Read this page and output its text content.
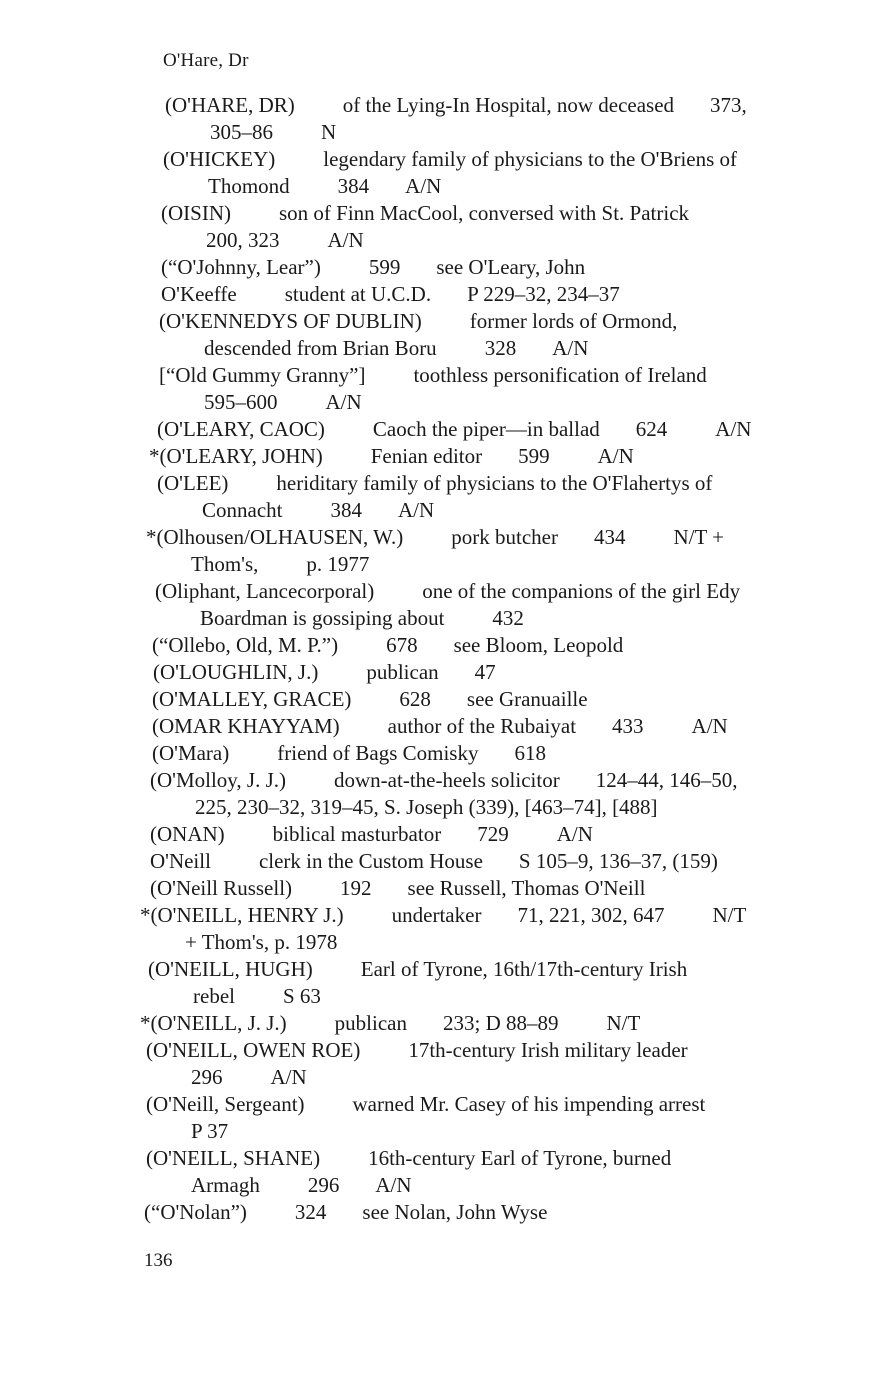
O'Hare, Dr
(O'HARE, DR) of the Lying-In Hospital, now deceased 373,
305–86 N
(O'HICKEY) legendary family of physicians to the O'Briens of
Thomond 384 A/N
(OISIN) son of Finn MacCool, conversed with St. Patrick
200, 323 A/N
(“O'Johnny, Lear”) 599 see O'Leary, John
O'Keeffe student at U.C.D. P 229–32, 234–37
(O'KENNEDYS OF DUBLIN) former lords of Ormond,
descended from Brian Boru 328 A/N
[“Old Gummy Granny”] toothless personification of Ireland
595–600 A/N
(O'LEARY, CAOC) Caoch the piper—in ballad 624 A/N
*(O'LEARY, JOHN) Fenian editor 599 A/N
(O'LEE) heriditary family of physicians to the O'Flahertys of
Connacht 384 A/N
*(Olhousen/OLHAUSEN, W.) pork butcher 434 N/T +
Thom's, p. 1977
(Oliphant, Lancecorporal) one of the companions of the girl Edy
Boardman is gossiping about 432
(“Ollebo, Old, M. P.”) 678 see Bloom, Leopold
(O'LOUGHLIN, J.) publican 47
(O'MALLEY, GRACE) 628 see Granuaille
(OMAR KHAYYAM) author of the Rubaiyat 433 A/N
(O'Mara) friend of Bags Comisky 618
(O'Molloy, J. J.) down-at-the-heels solicitor 124–44, 146–50,
225, 230–32, 319–45, S. Joseph (339), [463–74], [488]
(ONAN) biblical masturbator 729 A/N
O'Neill clerk in the Custom House S 105–9, 136–37, (159)
(O'Neill Russell) 192 see Russell, Thomas O'Neill
*(O'NEILL, HENRY J.) undertaker 71, 221, 302, 647 N/T
+ Thom's, p. 1978
(O'NEILL, HUGH) Earl of Tyrone, 16th/17th-century Irish
rebel S 63
*(O'NEILL, J. J.) publican 233; D 88–89 N/T
(O'NEILL, OWEN ROE) 17th-century Irish military leader
296 A/N
(O'Neill, Sergeant) warned Mr. Casey of his impending arrest
P 37
(O'NEILL, SHANE) 16th-century Earl of Tyrone, burned
Armagh 296 A/N
(“O'Nolan”) 324 see Nolan, John Wyse
136
